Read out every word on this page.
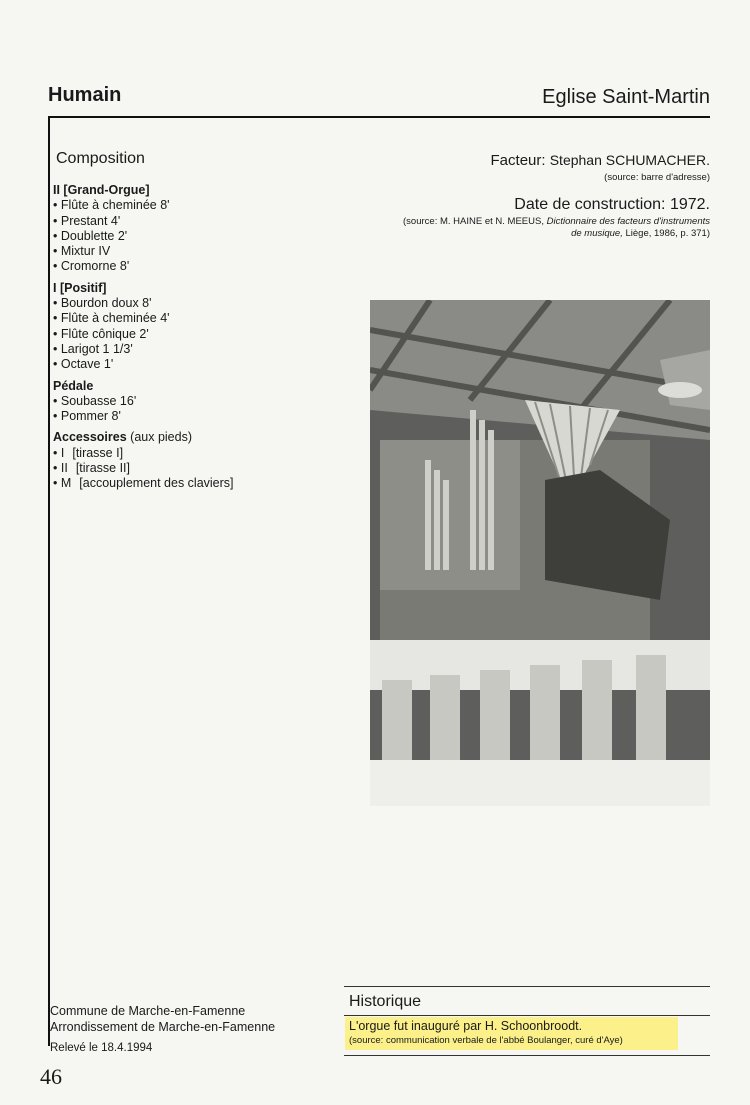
Humain	Eglise Saint-Martin
Composition
II [Grand-Orgue]
• Flûte à cheminée 8'
• Prestant 4'
• Doublette 2'
• Mixtur IV
• Cromorne 8'
I [Positif]
• Bourdon doux 8'
• Flûte à cheminée 4'
• Flûte cônique 2'
• Larigot 1 1/3'
• Octave 1'
Pédale
• Soubasse 16'
• Pommer 8'
Accessoires (aux pieds)
• I [tirasse I]
• II [tirasse II]
• M [accouplement des claviers]
Facteur: Stephan SCHUMACHER.
(source: barre d'adresse)
Date de construction: 1972.
(source: M. HAINE et N. MEEUS, Dictionnaire des facteurs d'instruments de musique, Liège, 1986, p. 371)
Commune de Marche-en-Famenne
Arrondissement de Marche-en-Famenne
Relevé le 18.4.1994
46
Historique
L'orgue fut inauguré par H. Schoonbroodt.
(source: communication verbale de l'abbé Boulanger, curé d'Aye)
